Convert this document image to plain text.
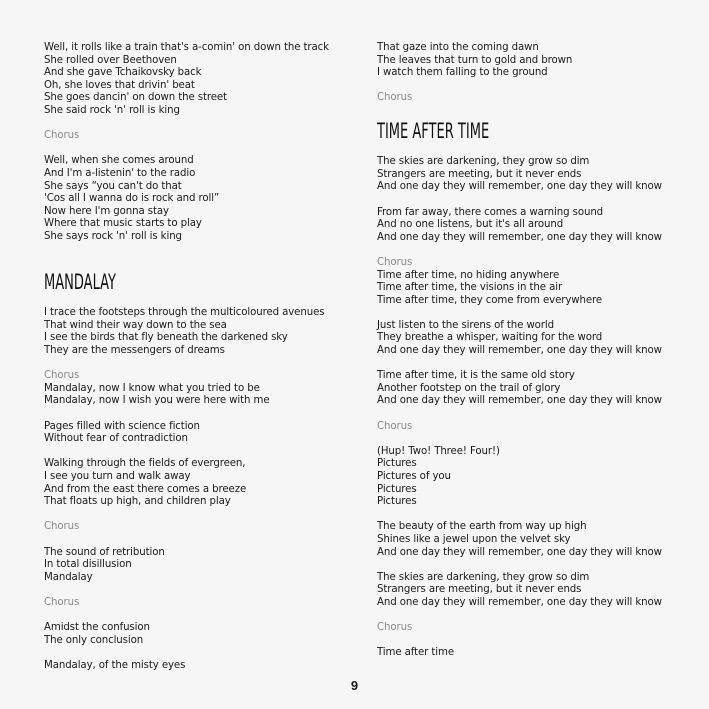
Well, it rolls like a train that's a-comin' on down the track
She rolled over Beethoven
And she gave Tchaikovsky back
Oh, she loves that drivin' beat
She goes dancin' on down the street
She said rock 'n' roll is king
Chorus
Well, when she comes around
And I'm a-listenin' to the radio
She says “you can't do that
'Cos all I wanna do is rock and roll”
Now here I'm gonna stay
Where that music starts to play
She says rock 'n' roll is king
MANDALAY
I trace the footsteps through the multicoloured avenues
That wind their way down to the sea
I see the birds that fly beneath the darkened sky
They are the messengers of dreams
Chorus
Mandalay, now I know what you tried to be
Mandalay, now I wish you were here with me
Pages filled with science fiction
Without fear of contradiction
Walking through the fields of evergreen,
I see you turn and walk away
And from the east there comes a breeze
That floats up high, and children play
Chorus
The sound of retribution
In total disillusion
Mandalay
Chorus
Amidst the confusion
The only conclusion
Mandalay, of the misty eyes
That gaze into the coming dawn
The leaves that turn to gold and brown
I watch them falling to the ground
Chorus
TIME AFTER TIME
The skies are darkening, they grow so dim
Strangers are meeting, but it never ends
And one day they will remember, one day they will know
From far away, there comes a warning sound
And no one listens, but it's all around
And one day they will remember, one day they will know
Chorus
Time after time, no hiding anywhere
Time after time, the visions in the air
Time after time, they come from everywhere
Just listen to the sirens of the world
They breathe a whisper, waiting for the word
And one day they will remember, one day they will know
Time after time, it is the same old story
Another footstep on the trail of glory
And one day they will remember, one day they will know
Chorus
(Hup! Two! Three! Four!)
Pictures
Pictures of you
Pictures
Pictures
The beauty of the earth from way up high
Shines like a jewel upon the velvet sky
And one day they will remember, one day they will know
The skies are darkening, they grow so dim
Strangers are meeting, but it never ends
And one day they will remember, one day they will know
Chorus
Time after time
9
